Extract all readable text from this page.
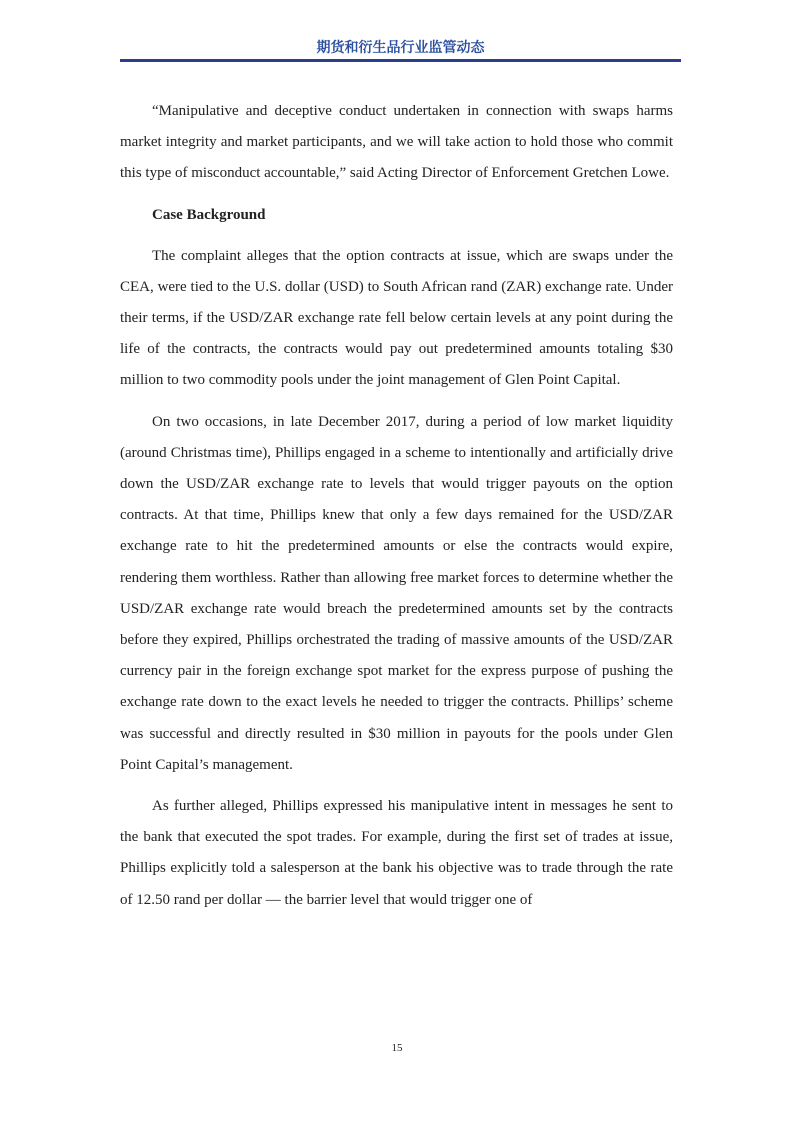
期货和衍生品行业监管动态

“Manipulative and deceptive conduct undertaken in connection with swaps harms market integrity and market participants, and we will take action to hold those who commit this type of misconduct accountable,” said Acting Director of Enforcement Gretchen Lowe.

Case Background

The complaint alleges that the option contracts at issue, which are swaps under the CEA, were tied to the U.S. dollar (USD) to South African rand (ZAR) exchange rate. Under their terms, if the USD/ZAR exchange rate fell below certain levels at any point during the life of the contracts, the contracts would pay out predetermined amounts totaling $30 million to two commodity pools under the joint management of Glen Point Capital.

On two occasions, in late December 2017, during a period of low market liquidity (around Christmas time), Phillips engaged in a scheme to intentionally and artificially drive down the USD/ZAR exchange rate to levels that would trigger payouts on the option contracts. At that time, Phillips knew that only a few days remained for the USD/ZAR exchange rate to hit the predetermined amounts or else the contracts would expire, rendering them worthless. Rather than allowing free market forces to determine whether the USD/ZAR exchange rate would breach the predetermined amounts set by the contracts before they expired, Phillips orchestrated the trading of massive amounts of the USD/ZAR currency pair in the foreign exchange spot market for the express purpose of pushing the exchange rate down to the exact levels he needed to trigger the contracts. Phillips’ scheme was successful and directly resulted in $30 million in payouts for the pools under Glen Point Capital’s management.

As further alleged, Phillips expressed his manipulative intent in messages he sent to the bank that executed the spot trades. For example, during the first set of trades at issue, Phillips explicitly told a salesperson at the bank his objective was to trade through the rate of 12.50 rand per dollar — the barrier level that would trigger one of

15
